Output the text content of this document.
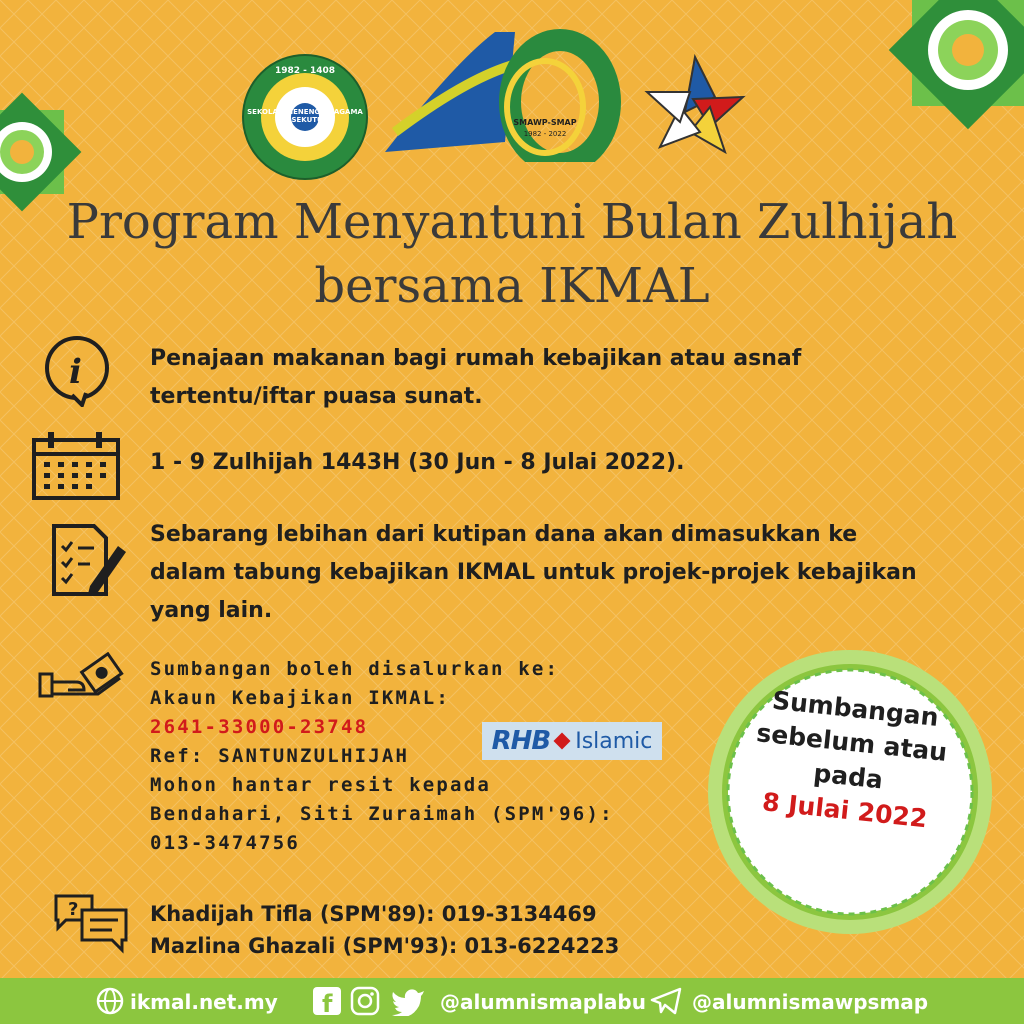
SEKOLAH MENENGAH AGAMA PERSEKUTUAN
1982 - 1408
SMAWP-SMAP
1982 - 2022
Program Menyantuni Bulan Zulhijah
bersama IKMAL
i	Penajaan makanan bagi rumah kebajikan atau asnaf
tertentu/iftar puasa sunat.
1 - 9 Zulhijah 1443H (30 Jun - 8 Julai 2022).
Sebarang lebihan dari kutipan dana akan dimasukkan ke
dalam tabung kebajikan IKMAL untuk projek-projek kebajikan
yang lain.
Sumbangan boleh disalurkan ke:
Akaun Kebajikan IKMAL:
2641-33000-23748
Ref: SANTUNZULHIJAH
Mohon hantar resit kepada
Bendahari, Siti Zuraimah (SPM'96):
013-3474756
RHB Islamic
Sumbangan
sebelum atau
pada
8 Julai 2022
?	Khadijah Tifla (SPM'89): 019-3134469
Mazlina Ghazali (SPM'93): 013-6224223
ikmal.net.my f	@alumnismaplabu @alumnismawpsmap
